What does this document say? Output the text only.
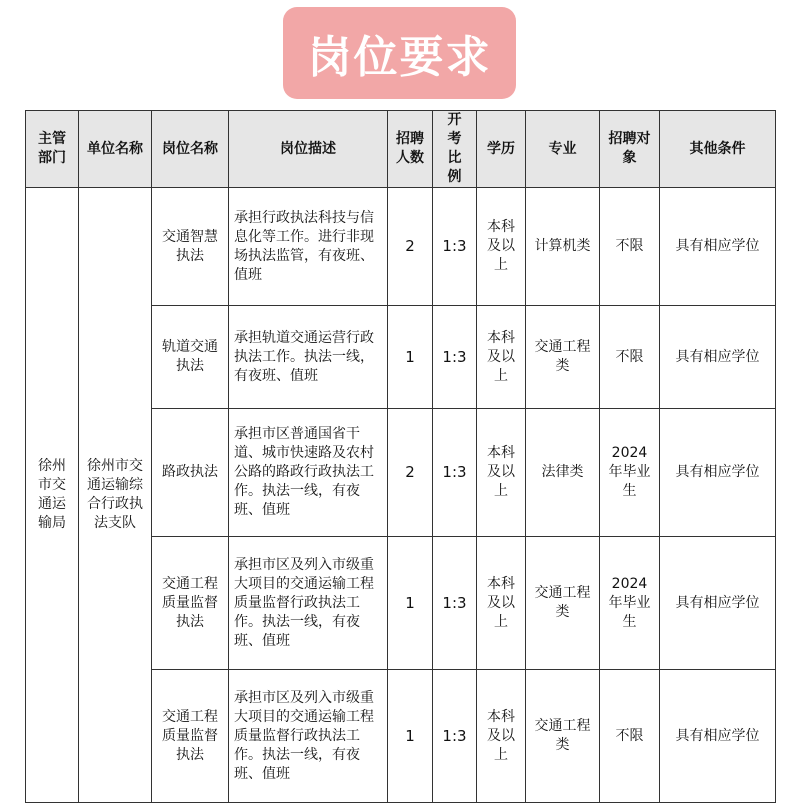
岗位要求
主管部门	单位名称	岗位名称	岗位描述	招聘人数	开考比例	学历	专业	招聘对象	其他条件
徐州市交通运输局	徐州市交通运输综合行政执法支队	交通智慧执法	承担行政执法科技与信息化等工作。进行非现场执法监管，有夜班、值班	2	1:3	本科及以上	计算机类	不限	具有相应学位
		轨道交通执法	承担轨道交通运营行政执法工作。执法一线，有夜班、值班	1	1:3	本科及以上	交通工程类	不限	具有相应学位
		路政执法	承担市区普通国省干道、城市快速路及农村公路的路政行政执法工作。执法一线，有夜班、值班	2	1:3	本科及以上	法律类	2024年毕业生	具有相应学位
		交通工程质量监督执法	承担市区及列入市级重大项目的交通运输工程质量监督行政执法工作。执法一线，有夜班、值班	1	1:3	本科及以上	交通工程类	2024年毕业生	具有相应学位
		交通工程质量监督执法	承担市区及列入市级重大项目的交通运输工程质量监督行政执法工作。执法一线，有夜班、值班	1	1:3	本科及以上	交通工程类	不限	具有相应学位
